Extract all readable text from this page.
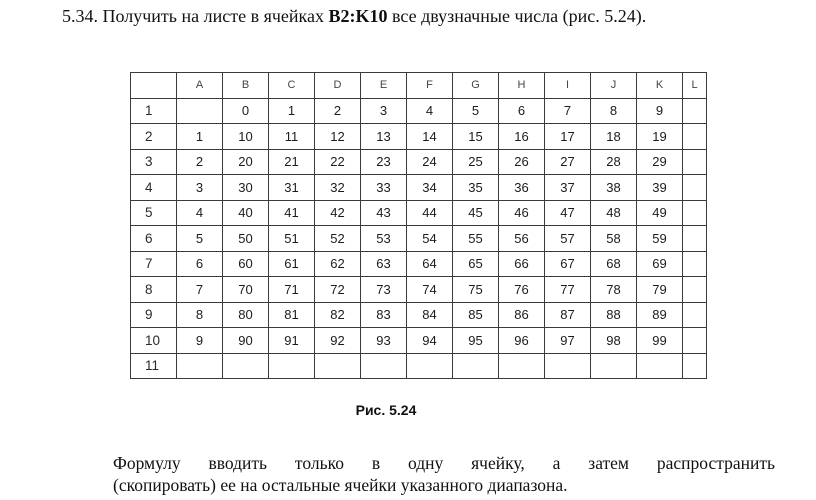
5.34. Получить на листе в ячейках B2:K10 все двузначные числа (рис. 5.24).
	A	B	C	D	E	F	G	H	I	J	K	L
1		0	1	2	3	4	5	6	7	8	9	
2	1	10	11	12	13	14	15	16	17	18	19	
3	2	20	21	22	23	24	25	26	27	28	29	
4	3	30	31	32	33	34	35	36	37	38	39	
5	4	40	41	42	43	44	45	46	47	48	49	
6	5	50	51	52	53	54	55	56	57	58	59	
7	6	60	61	62	63	64	65	66	67	68	69	
8	7	70	71	72	73	74	75	76	77	78	79	
9	8	80	81	82	83	84	85	86	87	88	89	
10	9	90	91	92	93	94	95	96	97	98	99	
11												
Рис. 5.24
Формулу вводить только в одну ячейку, а затем распространить
(скопировать) ее на остальные ячейки указанного диапазона.
